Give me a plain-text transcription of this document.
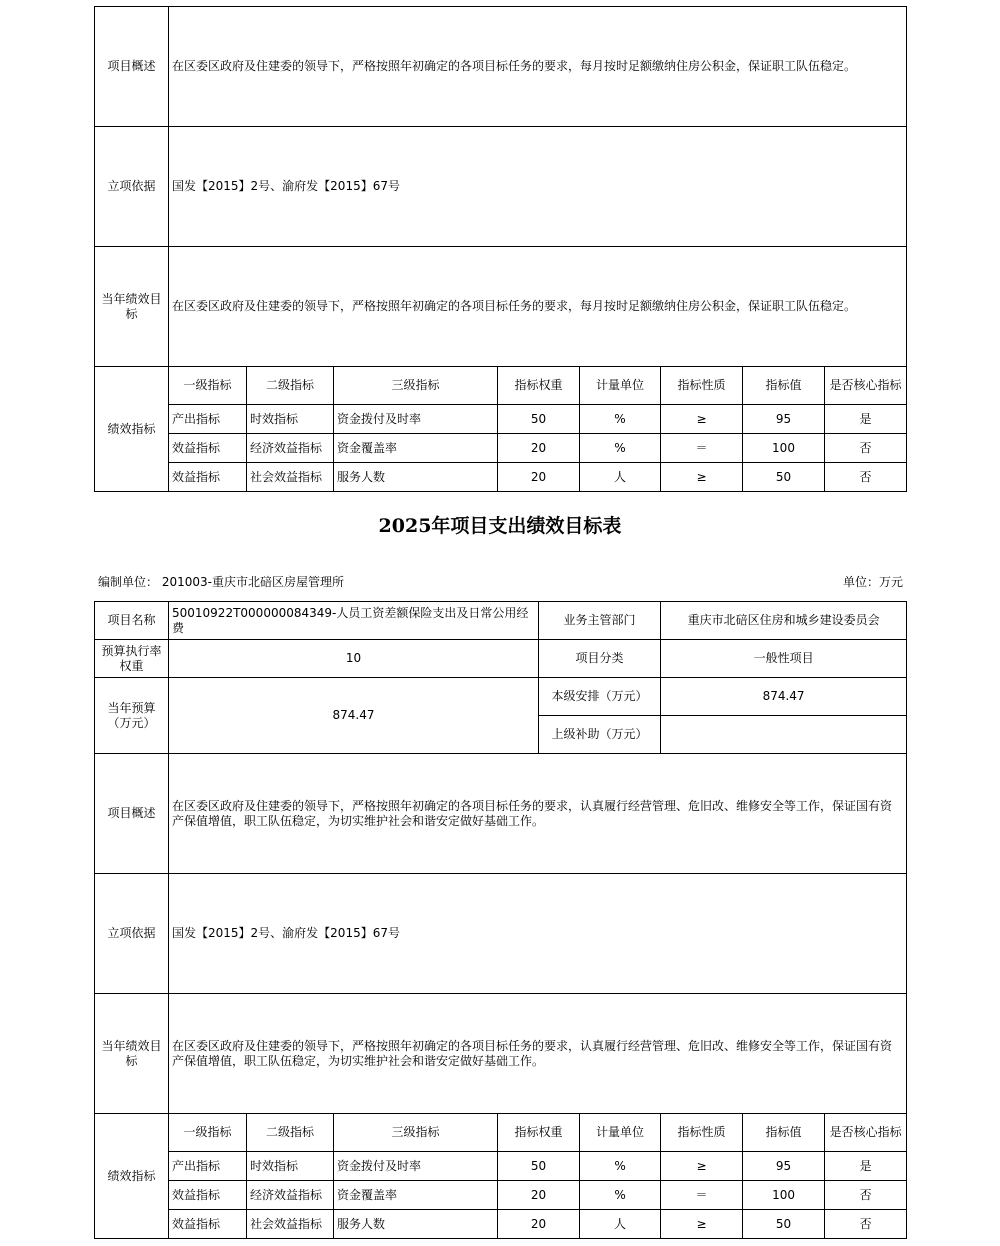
项目概述	在区委区政府及住建委的领导下，严格按照年初确定的各项目标任务的要求，每月按时足额缴纳住房公积金，保证职工队伍稳定。							
立项依据	国发【2015】2号、渝府发【2015】67号							
当年绩效目标	在区委区政府及住建委的领导下，严格按照年初确定的各项目标任务的要求，每月按时足额缴纳住房公积金，保证职工队伍稳定。							
绩效指标	一级指标	二级指标	三级指标	指标权重	计量单位	指标性质	指标值	是否核心指标
	产出指标	时效指标	资金拨付及时率	50	%	≥	95	是
	效益指标	经济效益指标	资金覆盖率	20	%	＝	100	否
	效益指标	社会效益指标	服务人数	20	人	≥	50	否
2025年项目支出绩效目标表
编制单位： 201003-重庆市北碚区房屋管理所	单位：万元
项目名称	50010922T000000084349-人员工资差额保险支出及日常公用经费				业务主管部门		重庆市北碚区住房和城乡建设委员会		
预算执行率权重	10				项目分类		一般性项目		
当年预算（万元）	874.47				本级安排（万元）		874.47		
					上级补助（万元）				
项目概述	在区委区政府及住建委的领导下，严格按照年初确定的各项目标任务的要求，认真履行经营管理、危旧改、维修安全等工作，保证国有资产保值增值，职工队伍稳定，为切实维护社会和谐安定做好基础工作。								
立项依据	国发【2015】2号、渝府发【2015】67号								
当年绩效目标	在区委区政府及住建委的领导下，严格按照年初确定的各项目标任务的要求，认真履行经营管理、危旧改、维修安全等工作，保证国有资产保值增值，职工队伍稳定，为切实维护社会和谐安定做好基础工作。								
绩效指标	一级指标	二级指标	三级指标	指标权重		计量单位	指标性质	指标值	是否核心指标
	产出指标	时效指标	资金拨付及时率	50		%	≥	95	是
	效益指标	经济效益指标	资金覆盖率	20		%	＝	100	否
	效益指标	社会效益指标	服务人数	20		人	≥	50	否
